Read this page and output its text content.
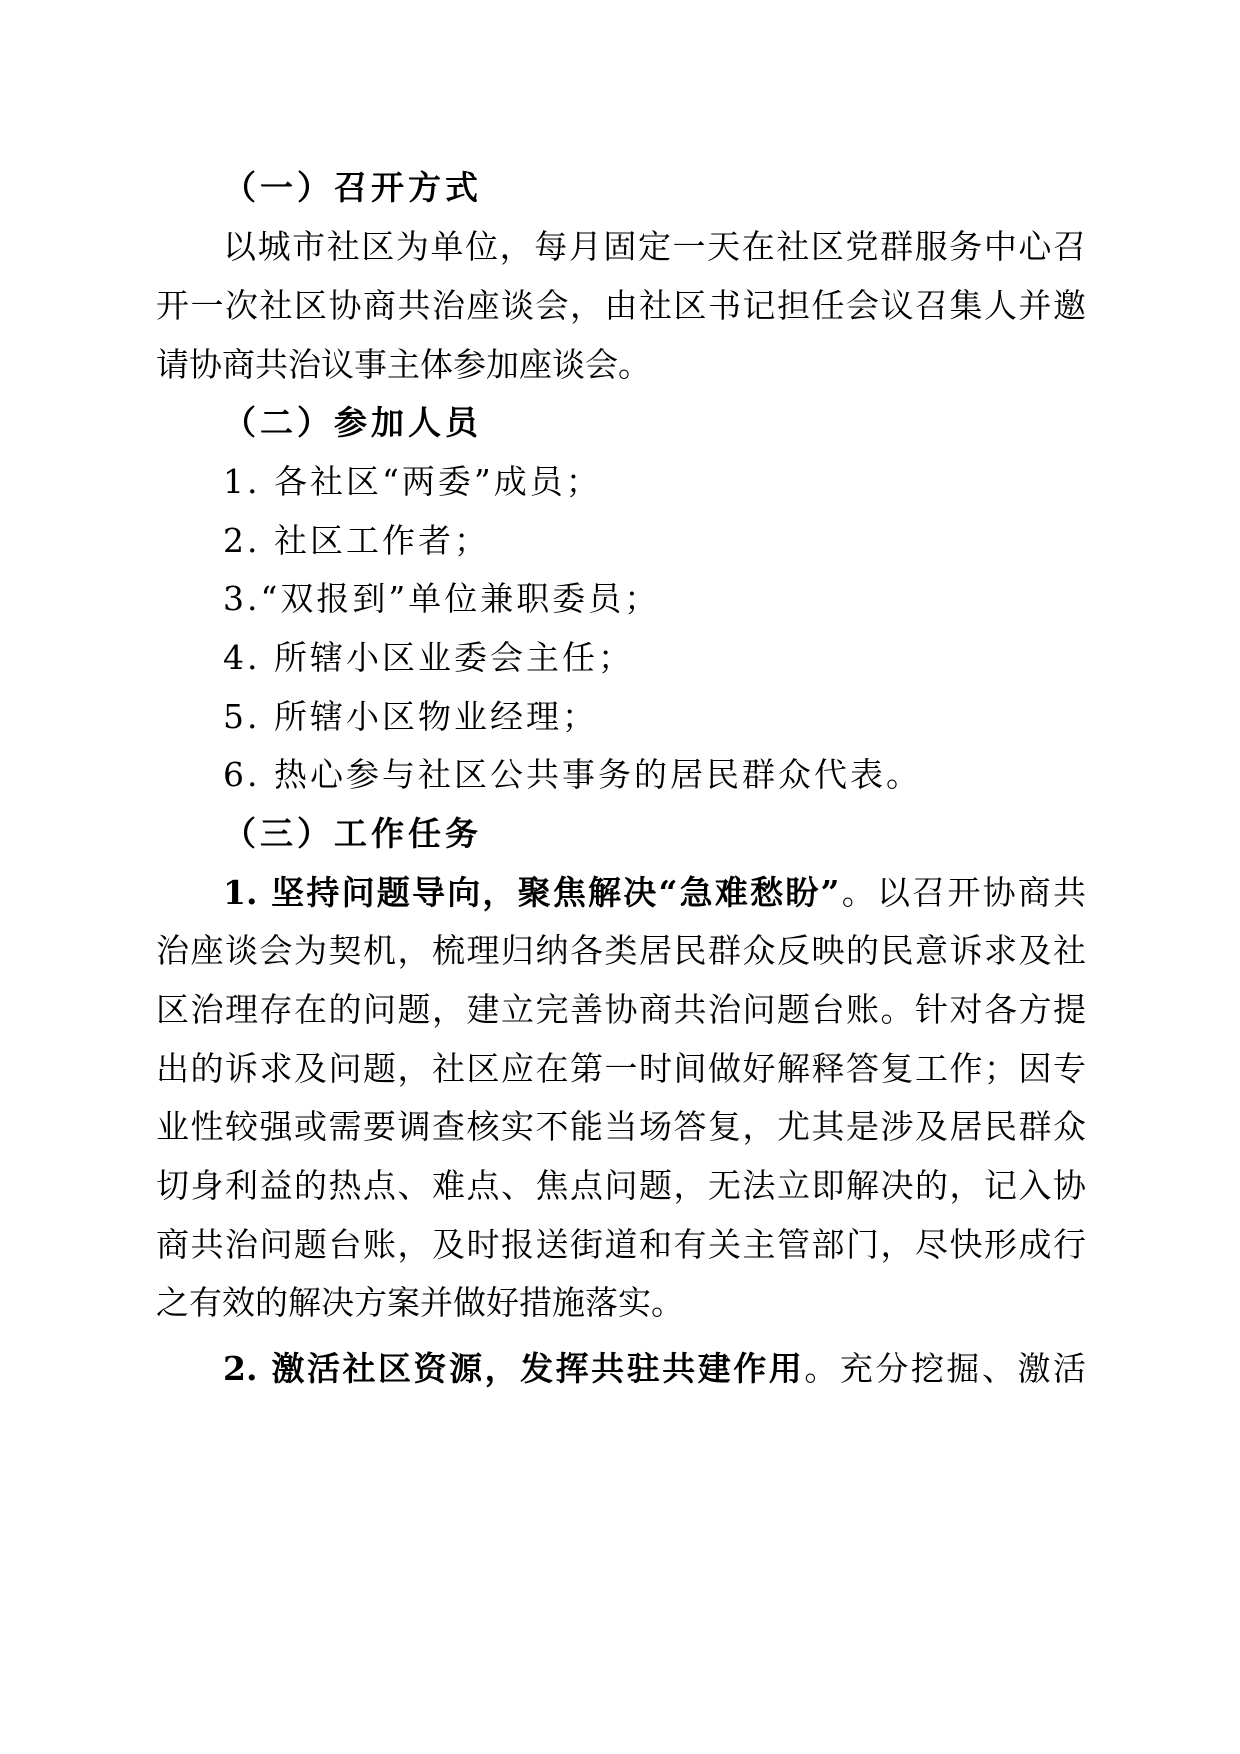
（一）召开方式
以城市社区为单位，每月固定一天在社区党群服务中心召
开一次社区协商共治座谈会，由社区书记担任会议召集人并邀
请协商共治议事主体参加座谈会。
（二）参加人员
1. 各社区“两委”成员；
2. 社区工作者；
3.“双报到”单位兼职委员；
4. 所辖小区业委会主任；
5. 所辖小区物业经理；
6. 热心参与社区公共事务的居民群众代表。
（三）工作任务
1. 坚持问题导向，聚焦解决“急难愁盼”。以召开协商共
治座谈会为契机，梳理归纳各类居民群众反映的民意诉求及社
区治理存在的问题，建立完善协商共治问题台账。针对各方提
出的诉求及问题，社区应在第一时间做好解释答复工作；因专
业性较强或需要调查核实不能当场答复，尤其是涉及居民群众
切身利益的热点、难点、焦点问题，无法立即解决的，记入协
商共治问题台账，及时报送街道和有关主管部门，尽快形成行
之有效的解决方案并做好措施落实。
2. 激活社区资源，发挥共驻共建作用。充分挖掘、激活
